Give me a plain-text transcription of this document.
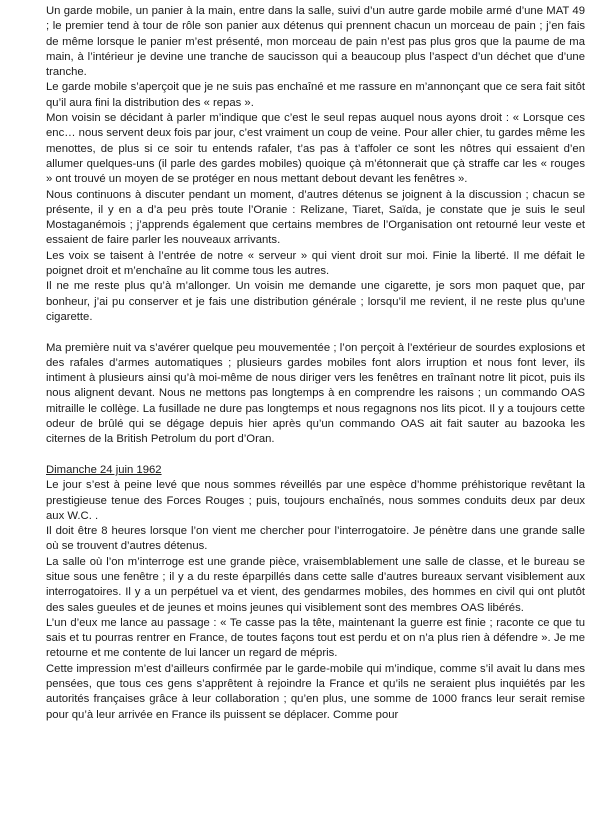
Un garde mobile, un panier à la main, entre dans la salle, suivi d’un autre garde mobile armé d’une MAT 49 ; le premier tend à tour de rôle son panier aux détenus qui prennent chacun un morceau de pain ; j’en fais de même lorsque le panier m’est présenté, mon morceau de pain n’est pas plus gros que la paume de ma main, à l’intérieur je devine une tranche de saucisson qui a beaucoup plus l’aspect d’un déchet que d’une tranche.

Le garde mobile s’aperçoit que je ne suis pas enchaîné et me rassure en m’annonçant que ce sera fait sitôt qu’il aura fini la distribution des « repas ».

Mon voisin se décidant à parler m’indique que c’est le seul repas auquel nous ayons droit : « Lorsque ces enc… nous servent deux fois par jour, c’est vraiment un coup de veine. Pour aller chier, tu gardes même les menottes, de plus si ce soir tu entends rafaler, t’as pas à t’affoler ce sont les nôtres qui essaient d’en allumer quelques-uns (il parle des gardes mobiles) quoique çà m’étonnerait que çà straffe car les « rouges » ont trouvé un moyen de se protéger en nous mettant debout devant les fenêtres ».

Nous continuons à discuter pendant un moment, d’autres détenus se joignent à la discussion ; chacun se présente, il y en a d’a peu près toute l’Oranie : Relizane, Tiaret, Saïda, je constate que je suis le seul Mostaganémois ; j’apprends également que certains membres de l’Organisation ont retourné leur veste et essaient de faire parler les nouveaux arrivants.

Les voix se taisent à l’entrée de notre « serveur » qui vient droit sur moi. Finie la liberté. Il me défait le poignet droit et m’enchaîne au lit comme tous les autres.

Il ne me reste plus qu’à m’allonger. Un voisin me demande une cigarette, je sors mon paquet que, par bonheur, j’ai pu conserver et je fais une distribution générale ; lorsqu’il me revient, il ne reste plus qu’une cigarette.

Ma première nuit va s’avérer quelque peu mouvementée ; l’on perçoit à l’extérieur de sourdes explosions et des rafales d’armes automatiques ; plusieurs gardes mobiles font alors irruption et nous font lever, ils intiment à plusieurs ainsi qu’à moi-même de nous diriger vers les fenêtres en traînant notre lit picot, puis ils nous alignent devant. Nous ne mettons pas longtemps à en comprendre les raisons ; un commando OAS mitraille le collège. La fusillade ne dure pas longtemps et nous regagnons nos lits picot. Il y a toujours cette odeur de brûlé qui se dégage depuis hier après qu’un commando OAS ait fait sauter au bazooka les citernes de la British Petrolum du port d’Oran.

Dimanche 24 juin 1962

Le jour s’est à peine levé que nous sommes réveillés par une espèce d’homme préhistorique revêtant la prestigieuse tenue des Forces Rouges ; puis, toujours enchaînés, nous sommes conduits deux par deux aux W.C. .

Il doit être 8 heures lorsque l’on vient me chercher pour l’interrogatoire. Je pénètre dans une grande salle où se trouvent d’autres détenus.

La salle où l’on m’interroge est une grande pièce, vraisemblablement une salle de classe, et le bureau se situe sous une fenêtre ; il y a du reste éparpillés dans cette salle d’autres bureaux servant visiblement aux interrogatoires. Il y a un perpétuel va et vient, des gendarmes mobiles, des hommes en civil qui ont plutôt des sales gueules et de jeunes et moins jeunes qui visiblement sont des membres OAS libérés.

L’un d’eux me lance au passage : « Te casse pas la tête, maintenant la guerre est finie ; raconte ce que tu sais et tu pourras rentrer en France, de toutes façons tout est perdu et on n’a plus rien à défendre ». Je me retourne et me contente de lui lancer un regard de mépris.

Cette impression m’est d’ailleurs confirmée par le garde-mobile qui m’indique, comme s’il avait lu dans mes pensées, que tous ces gens s’apprêtent à rejoindre la France et qu’ils ne seraient plus inquiétés par les autorités françaises grâce à leur collaboration ; qu’en plus, une somme de 1000 francs leur serait remise pour qu’à leur arrivée en France ils puissent se déplacer. Comme pour
